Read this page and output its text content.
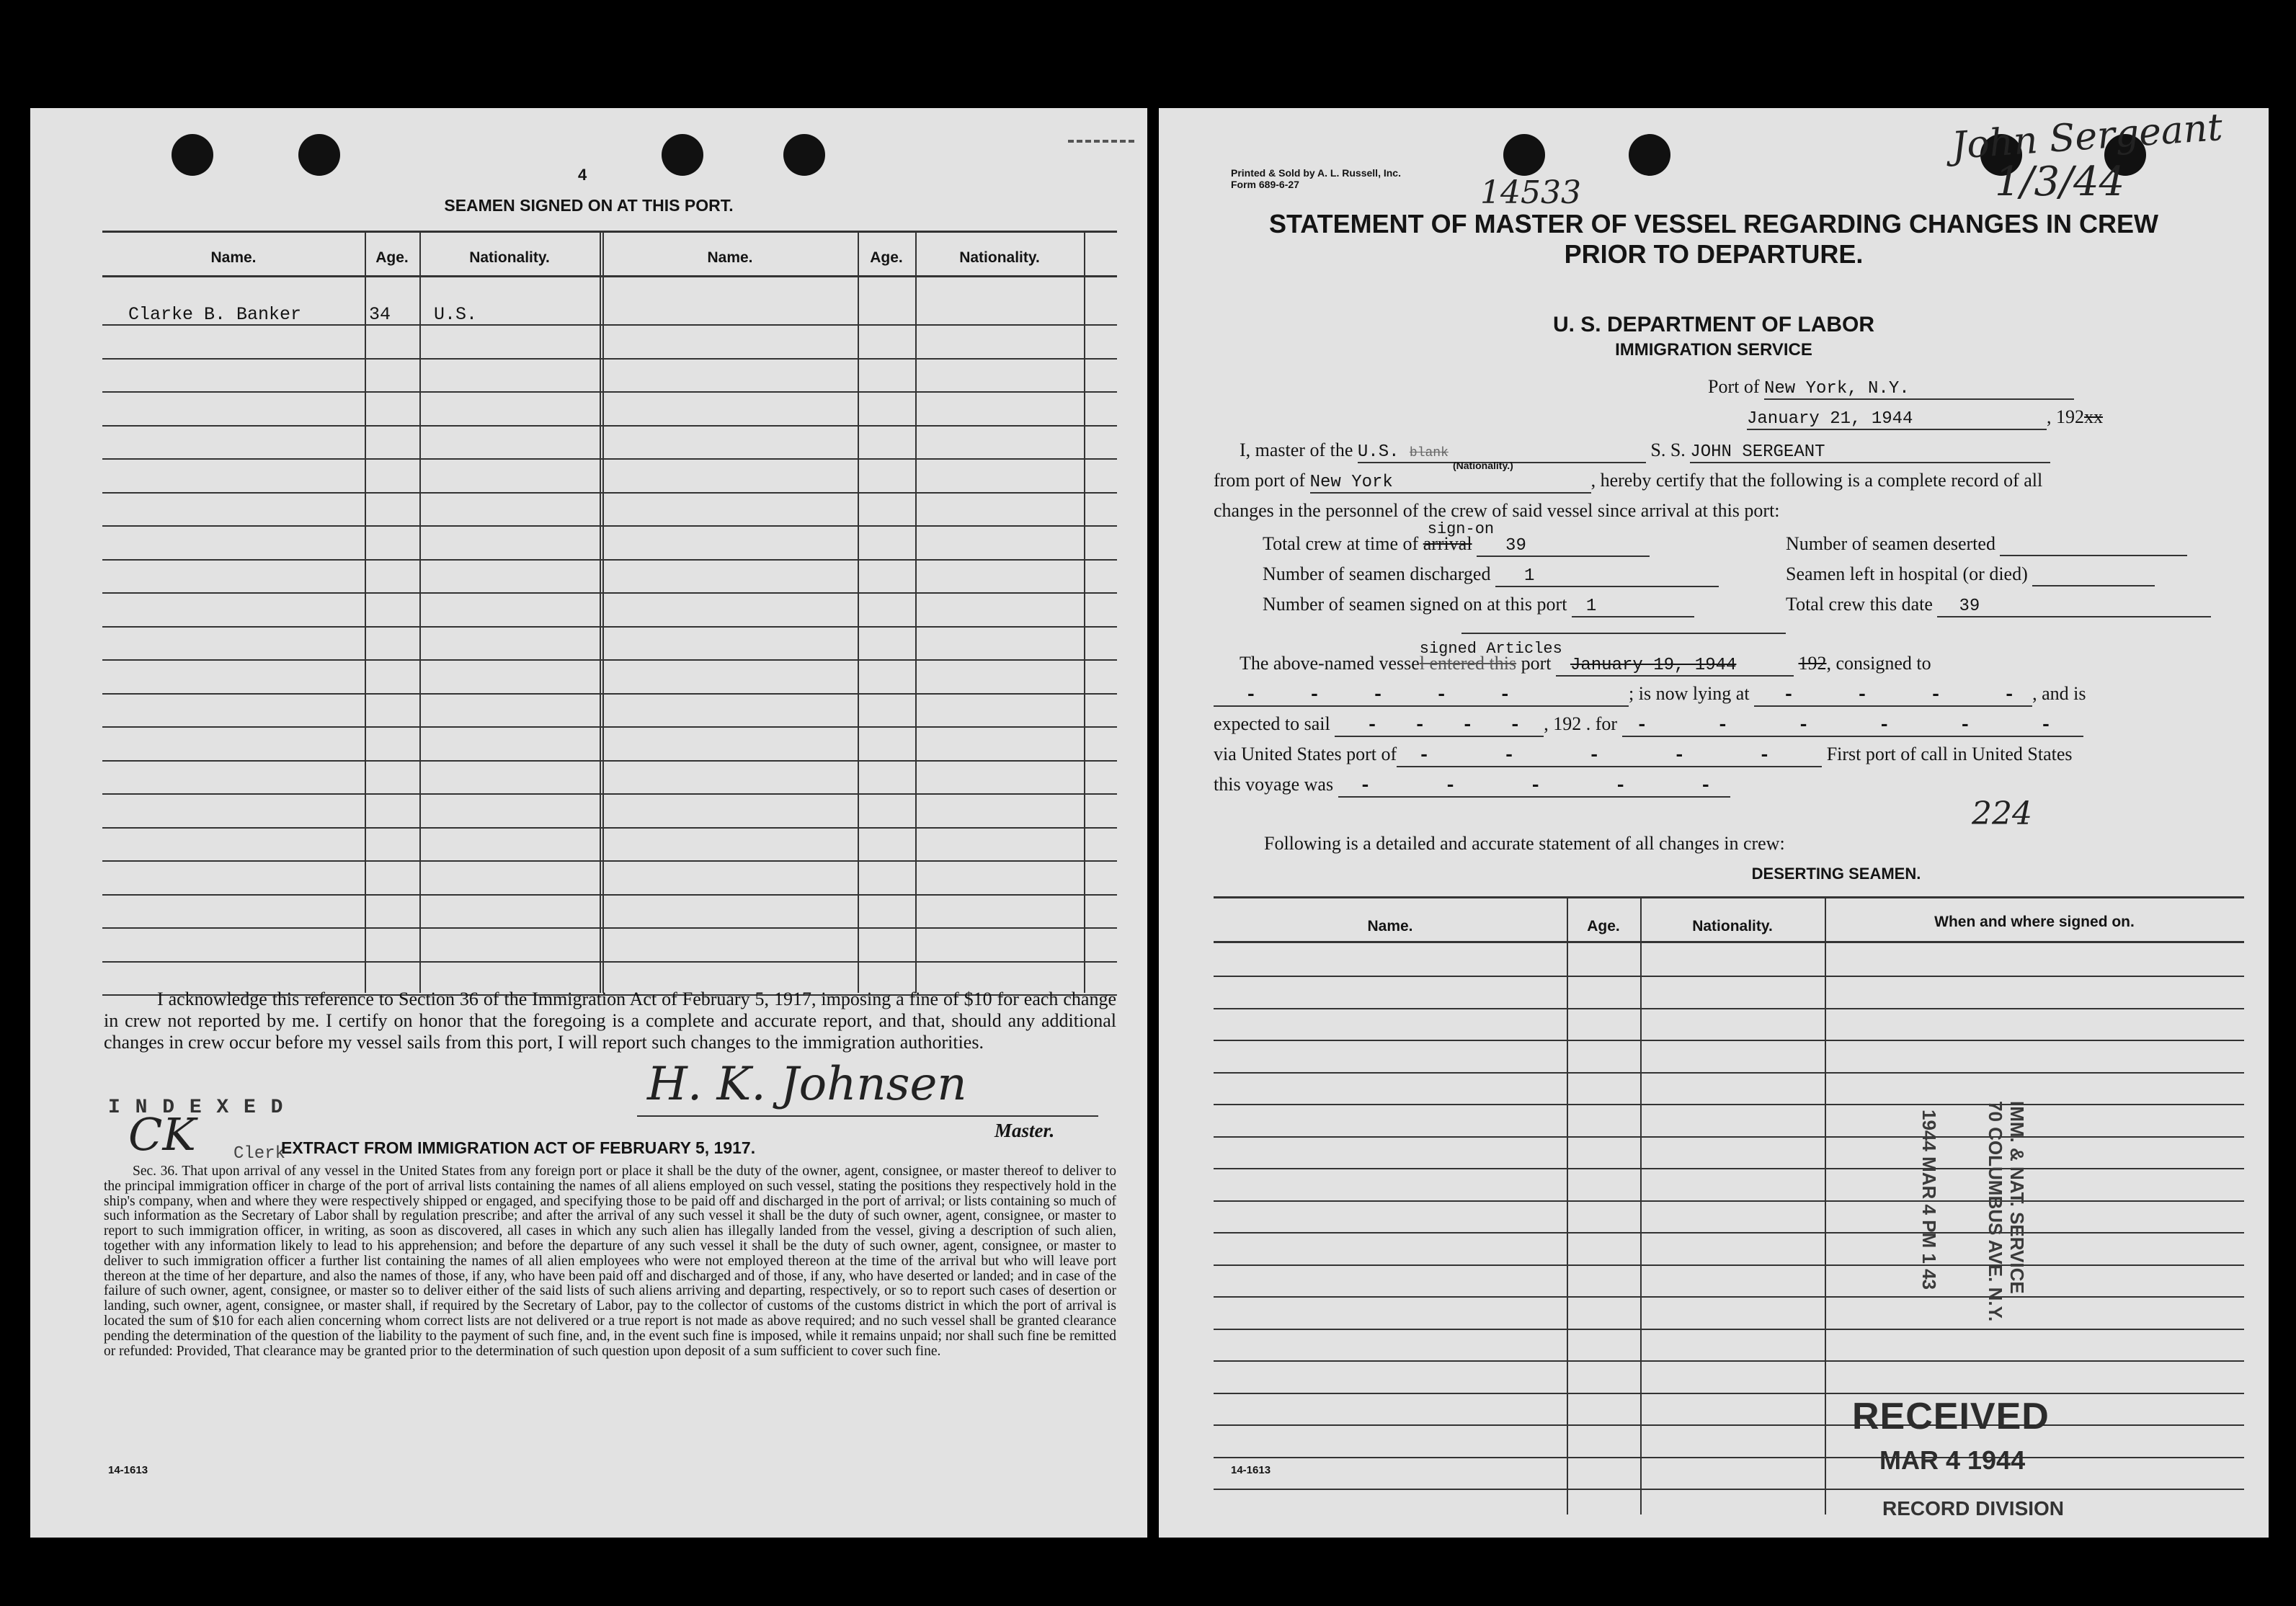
4
SEAMEN SIGNED ON AT THIS PORT.
Name.	Age.	Nationality.	Name.	Age.	Nationality.
Clarke B. Banker	34 U.S.
I acknowledge this reference to Section 36 of the Immigration Act of February 5, 1917, imposing a fine of $10 for each change in crew not reported by me. I certify on honor that the foregoing is a complete and accurate report, and that, should any additional changes in crew occur before my vessel sails from this port, I will report such changes to the immigration authorities.
I N D E X E D
CK Clerk
H. K. Johnsen
Master.
EXTRACT FROM IMMIGRATION ACT OF FEBRUARY 5, 1917.
Sec. 36. That upon arrival of any vessel in the United States from any foreign port or place it shall be the duty of the owner, agent, consignee, or master thereof to deliver to the principal immigration officer in charge of the port of arrival lists containing the names of all aliens employed on such vessel, stating the positions they respectively hold in the ship's company, when and where they were respectively shipped or engaged, and specifying those to be paid off and discharged in the port of arrival; or lists containing so much of such information as the Secretary of Labor shall by regulation prescribe; and after the arrival of any such vessel it shall be the duty of such owner, agent, consignee, or master to report to such immigration officer, in writing, as soon as discovered, all cases in which any such alien has illegally landed from the vessel, giving a description of such alien, together with any information likely to lead to his apprehension; and before the departure of any such vessel it shall be the duty of such owner, agent, consignee, or master to deliver to such immigration officer a further list containing the names of all alien employees who were not employed thereon at the time of the arrival but who will leave port thereon at the time of her departure, and also the names of those, if any, who have been paid off and discharged and of those, if any, who have deserted or landed; and in case of the failure of such owner, agent, consignee, or master so to deliver either of the said lists of such aliens arriving and departing, respectively, or so to report such cases of desertion or landing, such owner, agent, consignee, or master shall, if required by the Secretary of Labor, pay to the collector of customs of the customs district in which the port of arrival is located the sum of $10 for each alien concerning whom correct lists are not delivered or a true report is not made as above required; and no such vessel shall be granted clearance pending the determination of the question of the liability to the payment of such fine, and, in the event such fine is imposed, while it remains unpaid; nor shall such fine be remitted or refunded: Provided, That clearance may be granted prior to the determination of such question upon deposit of a sum sufficient to cover such fine.
14-1613
Printed & Sold by A. L. Russell, Inc.
Form 689-6-27	14533
John Sergeant
1/3/44
STATEMENT OF MASTER OF VESSEL REGARDING CHANGES IN CREW
PRIOR TO DEPARTURE.
U. S. DEPARTMENT OF LABOR
IMMIGRATION SERVICE
Port of New York, N.Y.
January 21, 1944	, 192xx
I, master of the U.S. blank	S. S. JOHN SERGEANT
(Nationality.)
from port of New York	, hereby certify that the following is a complete record of all
changes in the personnel of the crew of said vessel since arrival at this port:
Total crew at time of arrival
sign-on
39
Number of seamen discharged 1
Number of seamen signed on at this port 1
Number of seamen deserted
Seamen left in hospital (or died)
Total crew this date 39
The above-named vessel entered this
signed Articles
port January 19, 1944	192, consigned to
-	-	-	-	-	; is now lying at -	-	-	- , and is
expected to sail - - - - , 192 . for -	-	-	-	-	-
via United States port of -	-	-	-	-	First port of call in United States
this voyage was -	-	-	-	-
224
Following is a detailed and accurate statement of all changes in crew:
DESERTING SEAMEN.
Name.	Age.	Nationality.	When and where signed on.
1944 MAR 4 PM 1 43	IMM. & NAT. SERVICE
70 COLUMBUS AVE. N.Y.
RECEIVED
MAR 4 1944
RECORD DIVISION
14-1613
